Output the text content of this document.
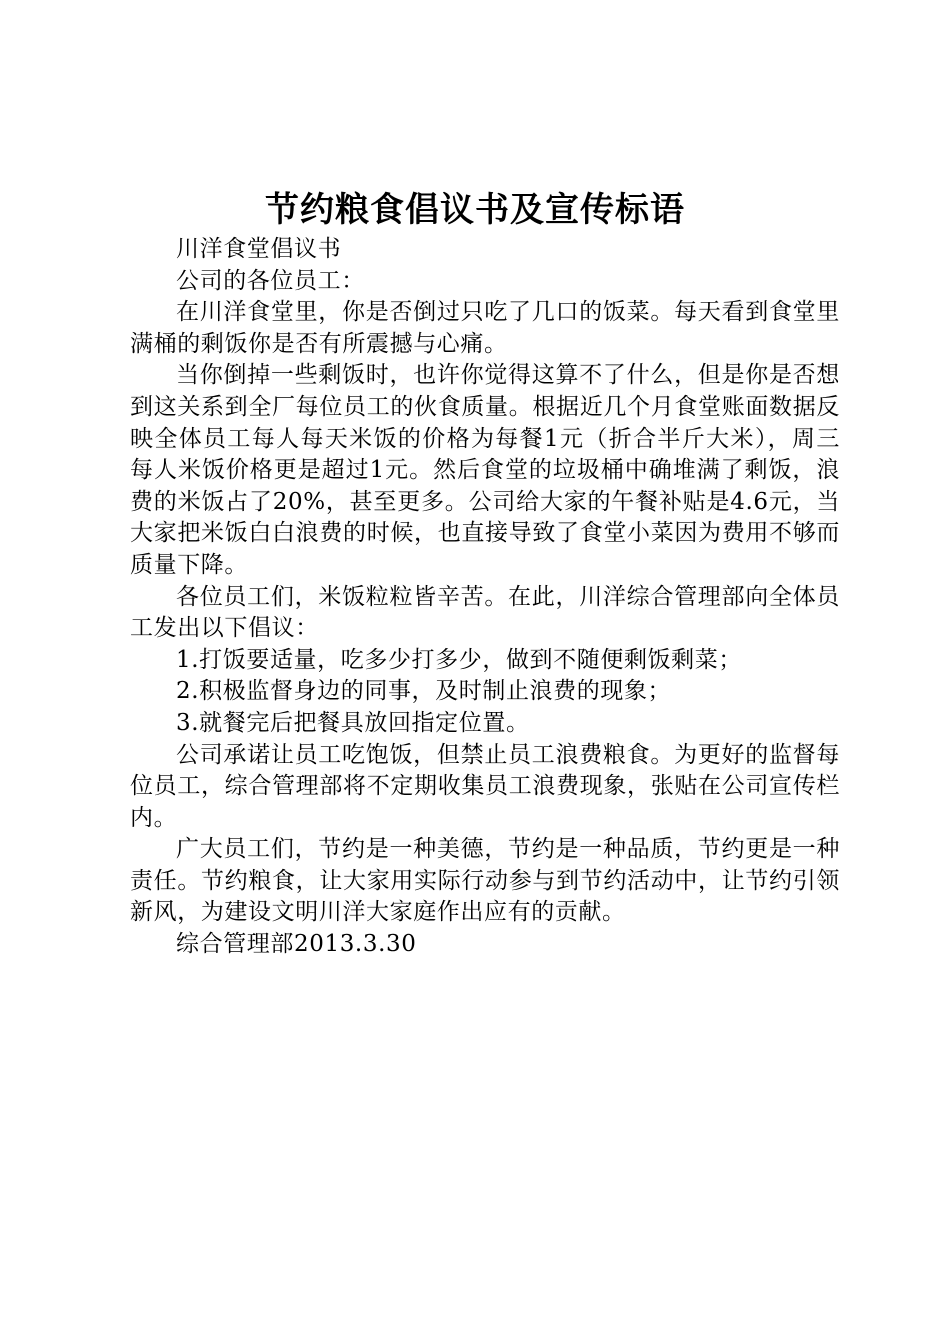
节约粮食倡议书及宣传标语

川洋食堂倡议书

公司的各位员工：

在川洋食堂里，你是否倒过只吃了几口的饭菜。每天看到食堂里满桶的剩饭你是否有所震撼与心痛。

当你倒掉一些剩饭时，也许你觉得这算不了什么，但是你是否想到这关系到全厂每位员工的伙食质量。根据近几个月食堂账面数据反映全体员工每人每天米饭的价格为每餐1元（折合半斤大米），周三每人米饭价格更是超过1元。然后食堂的垃圾桶中确堆满了剩饭，浪费的米饭占了20%，甚至更多。公司给大家的午餐补贴是4.6元，当大家把米饭白白浪费的时候，也直接导致了食堂小菜因为费用不够而质量下降。

各位员工们，米饭粒粒皆辛苦。在此，川洋综合管理部向全体员工发出以下倡议：

1.打饭要适量，吃多少打多少，做到不随便剩饭剩菜；

2.积极监督身边的同事，及时制止浪费的现象；

3.就餐完后把餐具放回指定位置。

公司承诺让员工吃饱饭，但禁止员工浪费粮食。为更好的监督每位员工，综合管理部将不定期收集员工浪费现象，张贴在公司宣传栏内。

广大员工们，节约是一种美德，节约是一种品质，节约更是一种责任。节约粮食，让大家用实际行动参与到节约活动中，让节约引领新风，为建设文明川洋大家庭作出应有的贡献。

综合管理部2013.3.30
